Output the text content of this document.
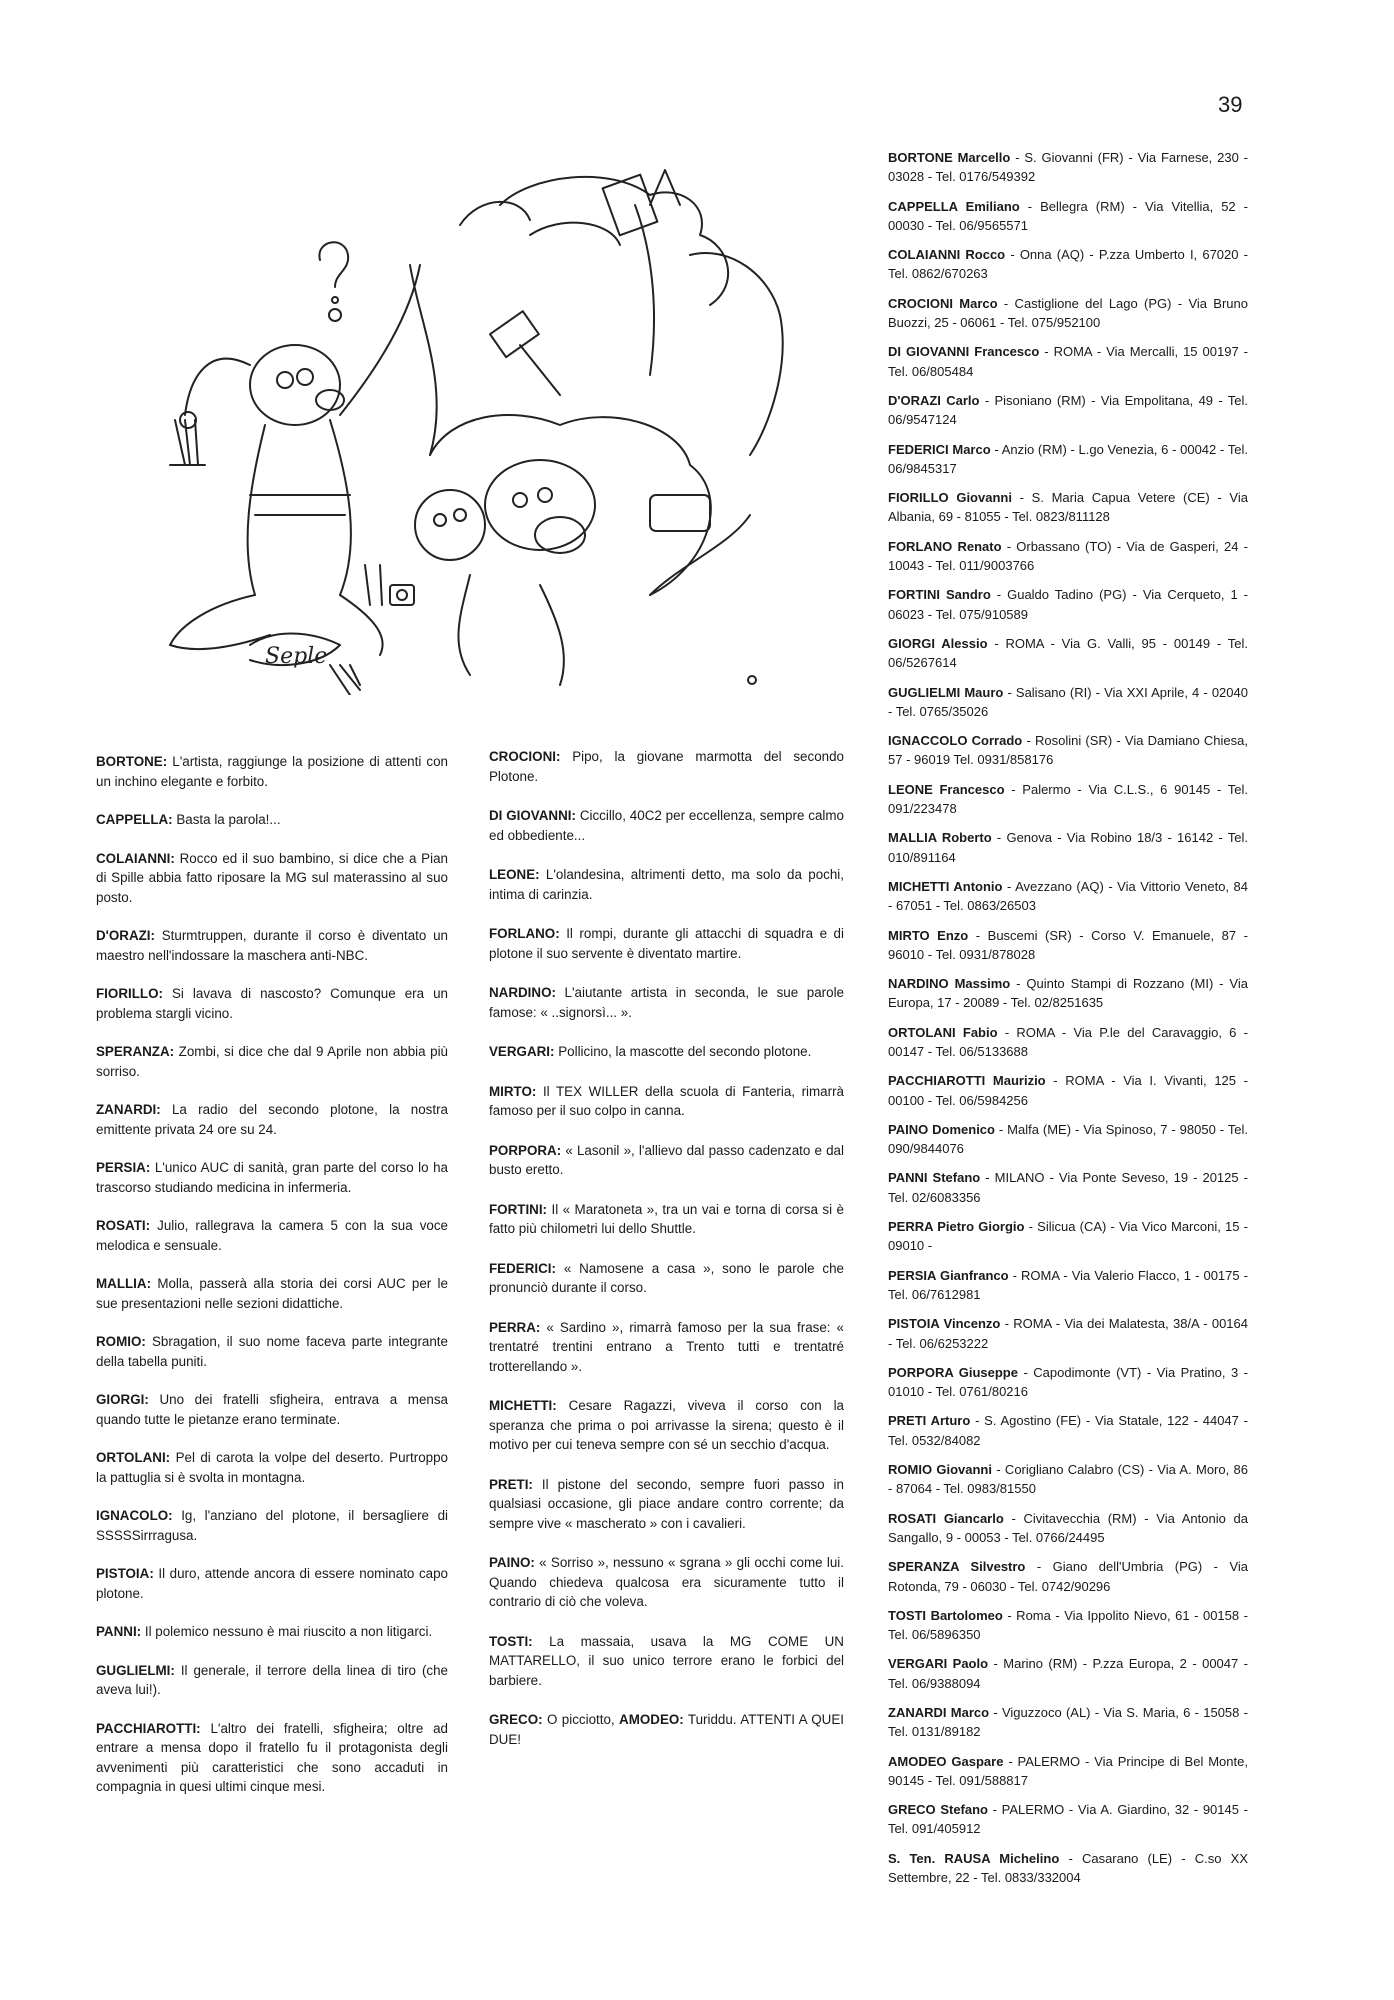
39
Seple

BORTONE: L'artista, raggiunge la posizione di attenti con un inchino elegante e forbito.

CAPPELLA: Basta la parola!...

COLAIANNI: Rocco ed il suo bambino, si dice che a Pian di Spille abbia fatto riposare la MG sul materassino al suo posto.

D'ORAZI: Sturmtruppen, durante il corso è diventato un maestro nell'indossare la maschera anti-NBC.

FIORILLO: Si lavava di nascosto? Comunque era un problema stargli vicino.

SPERANZA: Zombi, si dice che dal 9 Aprile non abbia più sorriso.

ZANARDI: La radio del secondo plotone, la nostra emittente privata 24 ore su 24.

PERSIA: L'unico AUC di sanità, gran parte del corso lo ha trascorso studiando medicina in infermeria.

ROSATI: Julio, rallegrava la camera 5 con la sua voce melodica e sensuale.

MALLIA: Molla, passerà alla storia dei corsi AUC per le sue presentazioni nelle sezioni didattiche.

ROMIO: Sbragation, il suo nome faceva parte integrante della tabella puniti.

GIORGI: Uno dei fratelli sfigheira, entrava a mensa quando tutte le pietanze erano terminate.

ORTOLANI: Pel di carota la volpe del deserto. Purtroppo la pattuglia si è svolta in montagna.

IGNACOLO: Ig, l'anziano del plotone, il bersagliere di SSSSSirrragusa.

PISTOIA: Il duro, attende ancora di essere nominato capo plotone.

PANNI: Il polemico nessuno è mai riuscito a non litigarci.

GUGLIELMI: Il generale, il terrore della linea di tiro (che aveva lui!).

PACCHIAROTTI: L'altro dei fratelli, sfigheira; oltre ad entrare a mensa dopo il fratello fu il protagonista degli avvenimenti più caratteristici che sono accaduti in compagnia in quesi ultimi cinque mesi.

CROCIONI: Pipo, la giovane marmotta del secondo Plotone.

DI GIOVANNI: Ciccillo, 40C2 per eccellenza, sempre calmo ed obbediente...

LEONE: L'olandesina, altrimenti detto, ma solo da pochi, intima di carinzia.

FORLANO: Il rompi, durante gli attacchi di squadra e di plotone il suo servente è diventato martire.

NARDINO: L'aiutante artista in seconda, le sue parole famose: « ..signorsì... ».

VERGARI: Pollicino, la mascotte del secondo plotone.

MIRTO: Il TEX WILLER della scuola di Fanteria, rimarrà famoso per il suo colpo in canna.

PORPORA: « Lasonil », l'allievo dal passo cadenzato e dal busto eretto.

FORTINI: Il « Maratoneta », tra un vai e torna di corsa si è fatto più chilometri lui dello Shuttle.

FEDERICI: « Namosene a casa », sono le parole che pronunciò durante il corso.

PERRA: « Sardino », rimarrà famoso per la sua frase: « trentatré trentini entrano a Trento tutti e trentatré trotterellando ».

MICHETTI: Cesare Ragazzi, viveva il corso con la speranza che prima o poi arrivasse la sirena; questo è il motivo per cui teneva sempre con sé un secchio d'acqua.

PRETI: Il pistone del secondo, sempre fuori passo in qualsiasi occasione, gli piace andare contro corrente; da sempre vive « mascherato » con i cavalieri.

PAINO: « Sorriso », nessuno « sgrana » gli occhi come lui. Quando chiedeva qualcosa era sicuramente tutto il contrario di ciò che voleva.

TOSTI: La massaia, usava la MG COME UN MATTARELLO, il suo unico terrore erano le forbici del barbiere.

GRECO: O picciotto, AMODEO: Turiddu. ATTENTI A QUEI DUE!

BORTONE Marcello - S. Giovanni (FR) - Via Farnese, 230 - 03028 - Tel. 0176/549392

CAPPELLA Emiliano - Bellegra (RM) - Via Vitellia, 52 - 00030 - Tel. 06/9565571

COLAIANNI Rocco - Onna (AQ) - P.zza Umberto I, 67020 - Tel. 0862/670263

CROCIONI Marco - Castiglione del Lago (PG) - Via Bruno Buozzi, 25 - 06061 - Tel. 075/952100

DI GIOVANNI Francesco - ROMA - Via Mercalli, 15 00197 - Tel. 06/805484

D'ORAZI Carlo - Pisoniano (RM) - Via Empolitana, 49 - Tel. 06/9547124

FEDERICI Marco - Anzio (RM) - L.go Venezia, 6 - 00042 - Tel. 06/9845317

FIORILLO Giovanni - S. Maria Capua Vetere (CE) - Via Albania, 69 - 81055 - Tel. 0823/811128

FORLANO Renato - Orbassano (TO) - Via de Gasperi, 24 - 10043 - Tel. 011/9003766

FORTINI Sandro - Gualdo Tadino (PG) - Via Cerqueto, 1 - 06023 - Tel. 075/910589

GIORGI Alessio - ROMA - Via G. Valli, 95 - 00149 - Tel. 06/5267614

GUGLIELMI Mauro - Salisano (RI) - Via XXI Aprile, 4 - 02040 - Tel. 0765/35026

IGNACCOLO Corrado - Rosolini (SR) - Via Damiano Chiesa, 57 - 96019 Tel. 0931/858176

LEONE Francesco - Palermo - Via C.L.S., 6 90145 - Tel. 091/223478

MALLIA Roberto - Genova - Via Robino 18/3 - 16142 - Tel. 010/891164

MICHETTI Antonio - Avezzano (AQ) - Via Vittorio Veneto, 84 - 67051 - Tel. 0863/26503

MIRTO Enzo - Buscemi (SR) - Corso V. Emanuele, 87 - 96010 - Tel. 0931/878028

NARDINO Massimo - Quinto Stampi di Rozzano (MI) - Via Europa, 17 - 20089 - Tel. 02/8251635

ORTOLANI Fabio - ROMA - Via P.le del Caravaggio, 6 - 00147 - Tel. 06/5133688

PACCHIAROTTI Maurizio - ROMA - Via I. Vivanti, 125 - 00100 - Tel. 06/5984256

PAINO Domenico - Malfa (ME) - Via Spinoso, 7 - 98050 - Tel. 090/9844076

PANNI Stefano - MILANO - Via Ponte Seveso, 19 - 20125 - Tel. 02/6083356

PERRA Pietro Giorgio - Silicua (CA) - Via Vico Marconi, 15 - 09010 -

PERSIA Gianfranco - ROMA - Via Valerio Flacco, 1 - 00175 - Tel. 06/7612981

PISTOIA Vincenzo - ROMA - Via dei Malatesta, 38/A - 00164 - Tel. 06/6253222

PORPORA Giuseppe - Capodimonte (VT) - Via Pratino, 3 - 01010 - Tel. 0761/80216

PRETI Arturo - S. Agostino (FE) - Via Statale, 122 - 44047 - Tel. 0532/84082

ROMIO Giovanni - Corigliano Calabro (CS) - Via A. Moro, 86 - 87064 - Tel. 0983/81550

ROSATI Giancarlo - Civitavecchia (RM) - Via Antonio da Sangallo, 9 - 00053 - Tel. 0766/24495

SPERANZA Silvestro - Giano dell'Umbria (PG) - Via Rotonda, 79 - 06030 - Tel. 0742/90296

TOSTI Bartolomeo - Roma - Via Ippolito Nievo, 61 - 00158 - Tel. 06/5896350

VERGARI Paolo - Marino (RM) - P.zza Europa, 2 - 00047 - Tel. 06/9388094

ZANARDI Marco - Viguzzoco (AL) - Via S. Maria, 6 - 15058 - Tel. 0131/89182

AMODEO Gaspare - PALERMO - Via Principe di Bel Monte, 90145 - Tel. 091/588817

GRECO Stefano - PALERMO - Via A. Giardino, 32 - 90145 - Tel. 091/405912

S. Ten. RAUSA Michelino - Casarano (LE) - C.so XX Settembre, 22 - Tel. 0833/332004
